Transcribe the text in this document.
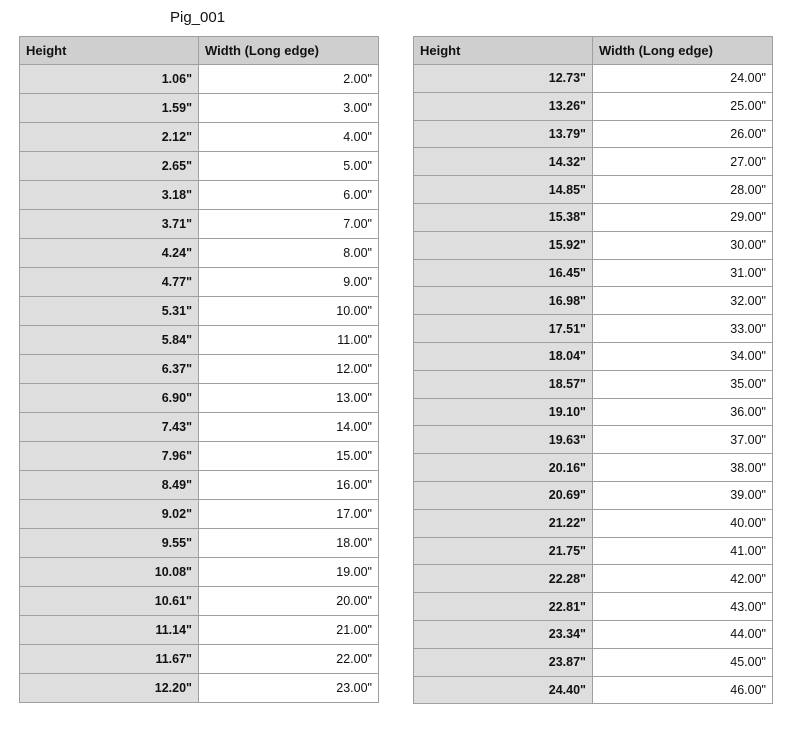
Pig_001
Height	Width (Long edge)
1.06"	2.00"
1.59"	3.00"
2.12"	4.00"
2.65"	5.00"
3.18"	6.00"
3.71"	7.00"
4.24"	8.00"
4.77"	9.00"
5.31"	10.00"
5.84"	11.00"
6.37"	12.00"
6.90"	13.00"
7.43"	14.00"
7.96"	15.00"
8.49"	16.00"
9.02"	17.00"
9.55"	18.00"
10.08"	19.00"
10.61"	20.00"
11.14"	21.00"
11.67"	22.00"
12.20"	23.00"
Height	Width (Long edge)
12.73"	24.00"
13.26"	25.00"
13.79"	26.00"
14.32"	27.00"
14.85"	28.00"
15.38"	29.00"
15.92"	30.00"
16.45"	31.00"
16.98"	32.00"
17.51"	33.00"
18.04"	34.00"
18.57"	35.00"
19.10"	36.00"
19.63"	37.00"
20.16"	38.00"
20.69"	39.00"
21.22"	40.00"
21.75"	41.00"
22.28"	42.00"
22.81"	43.00"
23.34"	44.00"
23.87"	45.00"
24.40"	46.00"
